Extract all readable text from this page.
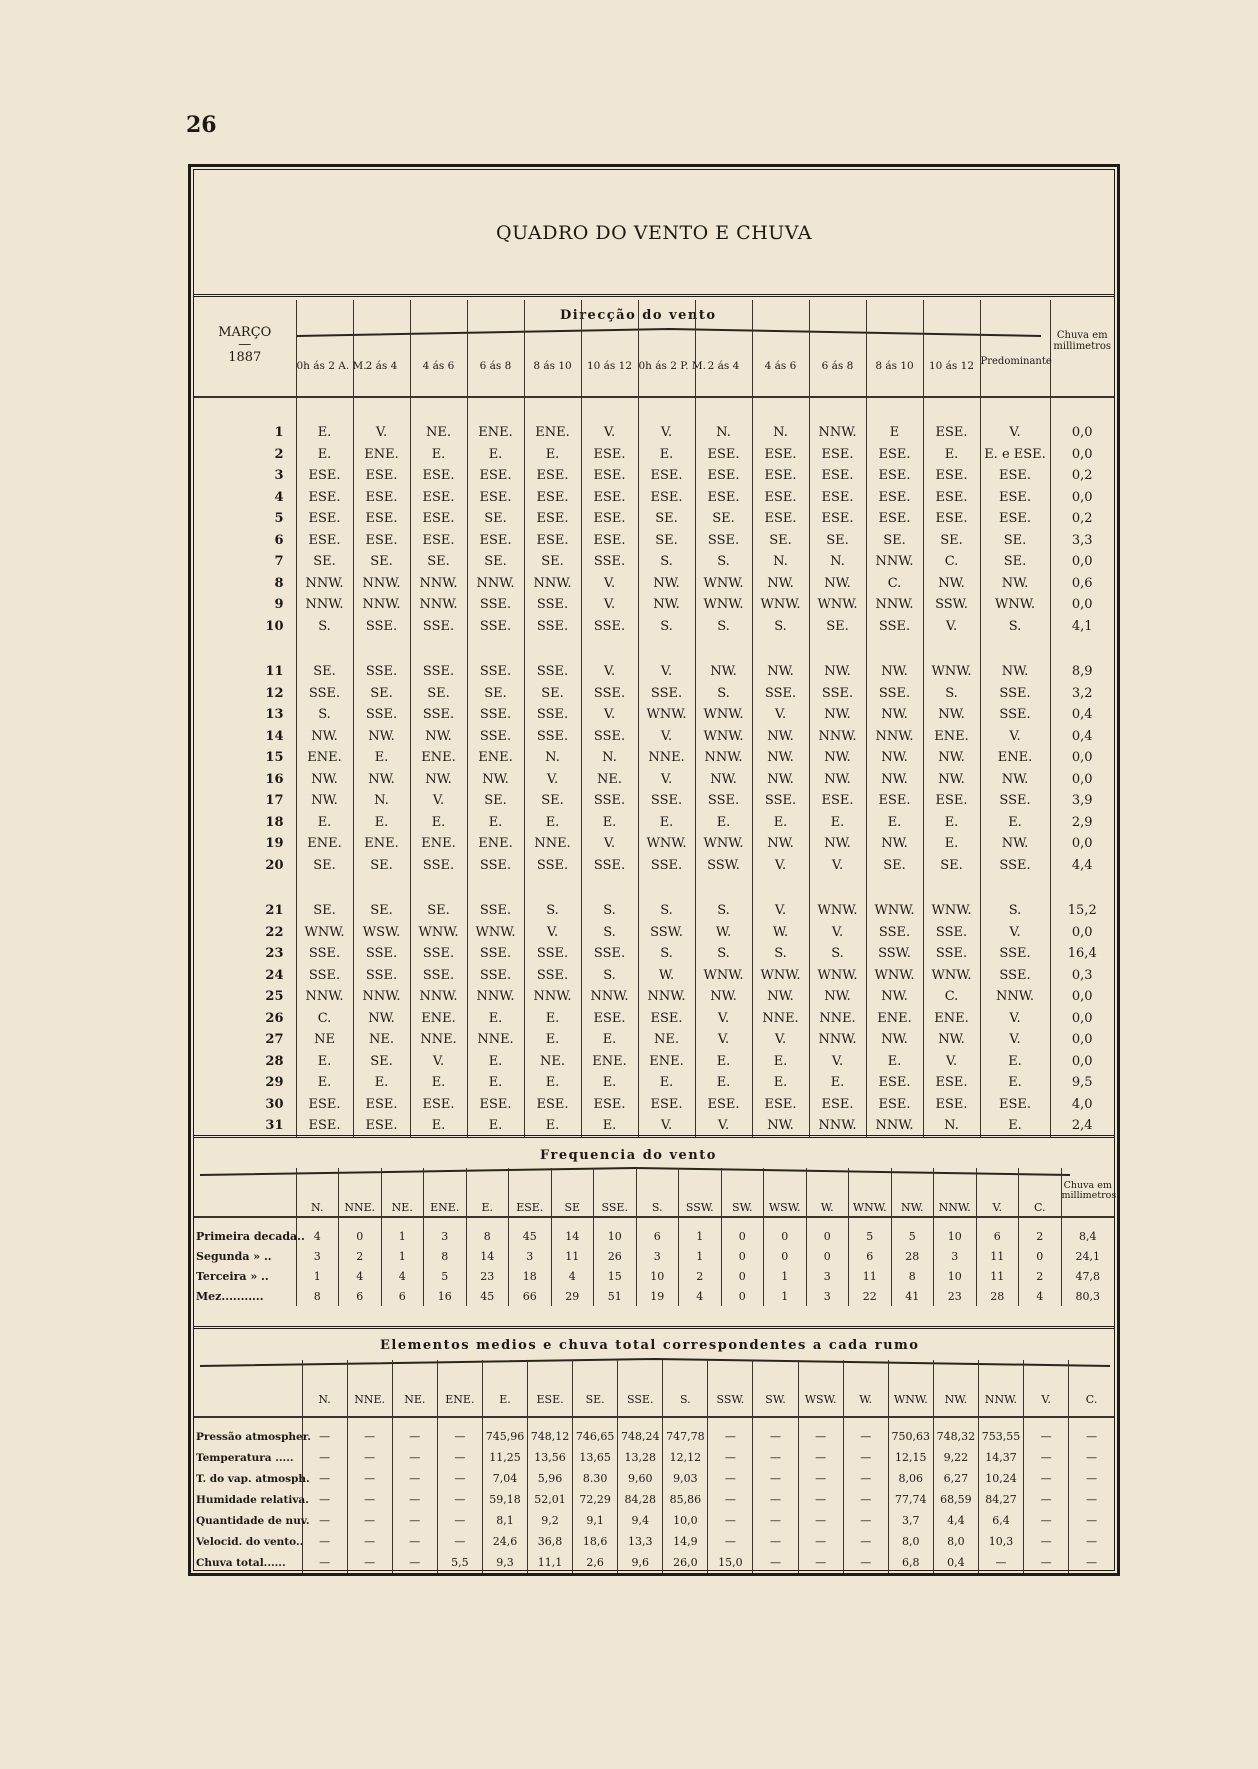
26
QUADRO DO VENTO E CHUVA
Direcção do vento
MARÇO
—
1887	0h ás 2 A. M.	2 ás 4	4 ás 6	6 ás 8	8 ás 10	10 ás 12	0h ás 2 P. M.	2 ás 4	4 ás 6	6 ás 8	8 ás 10	10 ás 12	Predominante	Chuva em millimetros

1	E.	V.	NE.	ENE.	ENE.	V.	V.	N.	N.	NNW.	E	ESE.	V.	0,0
2	E.	ENE.	E.	E.	E.	ESE.	E.	ESE.	ESE.	ESE.	ESE.	E.	E. e ESE.	0,0
3	ESE.	ESE.	ESE.	ESE.	ESE.	ESE.	ESE.	ESE.	ESE.	ESE.	ESE.	ESE.	ESE.	0,2
4	ESE.	ESE.	ESE.	ESE.	ESE.	ESE.	ESE.	ESE.	ESE.	ESE.	ESE.	ESE.	ESE.	0,0
5	ESE.	ESE.	ESE.	SE.	ESE.	ESE.	SE.	SE.	ESE.	ESE.	ESE.	ESE.	ESE.	0,2
6	ESE.	ESE.	ESE.	ESE.	ESE.	ESE.	SE.	SSE.	SE.	SE.	SE.	SE.	SE.	3,3
7	SE.	SE.	SE.	SE.	SE.	SSE.	S.	S.	N.	N.	NNW.	C.	SE.	0,0
8	NNW.	NNW.	NNW.	NNW.	NNW.	V.	NW.	WNW.	NW.	NW.	C.	NW.	NW.	0,6
9	NNW.	NNW.	NNW.	SSE.	SSE.	V.	NW.	WNW.	WNW.	WNW.	NNW.	SSW.	WNW.	0,0
10	S.	SSE.	SSE.	SSE.	SSE.	SSE.	S.	S.	S.	SE.	SSE.	V.	S.	4,1

11	SE.	SSE.	SSE.	SSE.	SSE.	V.	V.	NW.	NW.	NW.	NW.	WNW.	NW.	8,9
12	SSE.	SE.	SE.	SE.	SE.	SSE.	SSE.	S.	SSE.	SSE.	SSE.	S.	SSE.	3,2
13	S.	SSE.	SSE.	SSE.	SSE.	V.	WNW.	WNW.	V.	NW.	NW.	NW.	SSE.	0,4
14	NW.	NW.	NW.	SSE.	SSE.	SSE.	V.	WNW.	NW.	NNW.	NNW.	ENE.	V.	0,4
15	ENE.	E.	ENE.	ENE.	N.	N.	NNE.	NNW.	NW.	NW.	NW.	NW.	ENE.	0,0
16	NW.	NW.	NW.	NW.	V.	NE.	V.	NW.	NW.	NW.	NW.	NW.	NW.	0,0
17	NW.	N.	V.	SE.	SE.	SSE.	SSE.	SSE.	SSE.	ESE.	ESE.	ESE.	SSE.	3,9
18	E.	E.	E.	E.	E.	E.	E.	E.	E.	E.	E.	E.	E.	2,9
19	ENE.	ENE.	ENE.	ENE.	NNE.	V.	WNW.	WNW.	NW.	NW.	NW.	E.	NW.	0,0
20	SE.	SE.	SSE.	SSE.	SSE.	SSE.	SSE.	SSW.	V.	V.	SE.	SE.	SSE.	4,4

21	SE.	SE.	SE.	SSE.	S.	S.	S.	S.	V.	WNW.	WNW.	WNW.	S.	15,2
22	WNW.	WSW.	WNW.	WNW.	V.	S.	SSW.	W.	W.	V.	SSE.	SSE.	V.	0,0
23	SSE.	SSE.	SSE.	SSE.	SSE.	SSE.	S.	S.	S.	S.	SSW.	SSE.	SSE.	16,4
24	SSE.	SSE.	SSE.	SSE.	SSE.	S.	W.	WNW.	WNW.	WNW.	WNW.	WNW.	SSE.	0,3
25	NNW.	NNW.	NNW.	NNW.	NNW.	NNW.	NNW.	NW.	NW.	NW.	NW.	C.	NNW.	0,0
26	C.	NW.	ENE.	E.	E.	ESE.	ESE.	V.	NNE.	NNE.	ENE.	ENE.	V.	0,0
27	NE	NE.	NNE.	NNE.	E.	E.	NE.	V.	V.	NNW.	NW.	NW.	V.	0,0
28	E.	SE.	V.	E.	NE.	ENE.	ENE.	E.	E.	V.	E.	V.	E.	0,0
29	E.	E.	E.	E.	E.	E.	E.	E.	E.	E.	ESE.	ESE.	E.	9,5
30	ESE.	ESE.	ESE.	ESE.	ESE.	ESE.	ESE.	ESE.	ESE.	ESE.	ESE.	ESE.	ESE.	4,0
31	ESE.	ESE.	E.	E.	E.	E.	V.	V.	NW.	NNW.	NNW.	N.	E.	2,4
Frequencia do vento
	N.	NNE.	NE.	ENE.	E.	ESE.	SE	SSE.	S.	SSW.	SW.	WSW.	W.	WNW.	NW.	NNW.	V.	C.	Chuva em millimetros

Primeira decada..	4	0	1	3	8	45	14	10	6	1	0	0	0	5	5	10	6	2	8,4
Segunda » ..	3	2	1	8	14	3	11	26	3	1	0	0	0	6	28	3	11	0	24,1
Terceira » ..	1	4	4	5	23	18	4	15	10	2	0	1	3	11	8	10	11	2	47,8
Mez...........	8	6	6	16	45	66	29	51	19	4	0	1	3	22	41	23	28	4	80,3
Elementos medios e chuva total correspondentes a cada rumo
	N.	NNE.	NE.	ENE.	E.	ESE.	SE.	SSE.	S.	SSW.	SW.	WSW.	W.	WNW.	NW.	NNW.	V.	C.

Pressão atmospher.	—	—	—	—	745,96	748,12	746,65	748,24	747,78	—	—	—	—	750,63	748,32	753,55	—	—
Temperatura .....	—	—	—	—	11,25	13,56	13,65	13,28	12,12	—	—	—	—	12,15	9,22	14,37	—	—
T. do vap. atmosph.	—	—	—	—	7,04	5,96	8.30	9,60	9,03	—	—	—	—	8,06	6,27	10,24	—	—
Humidade relativa.	—	—	—	—	59,18	52,01	72,29	84,28	85,86	—	—	—	—	77,74	68,59	84,27	—	—
Quantidade de nuv.	—	—	—	—	8,1	9,2	9,1	9,4	10,0	—	—	—	—	3,7	4,4	6,4	—	—
Velocid. do vento..	—	—	—	—	24,6	36,8	18,6	13,3	14,9	—	—	—	—	8,0	8,0	10,3	—	—
Chuva total......	—	—	—	5,5	9,3	11,1	2,6	9,6	26,0	15,0	—	—	—	6,8	0,4	—	—	—
